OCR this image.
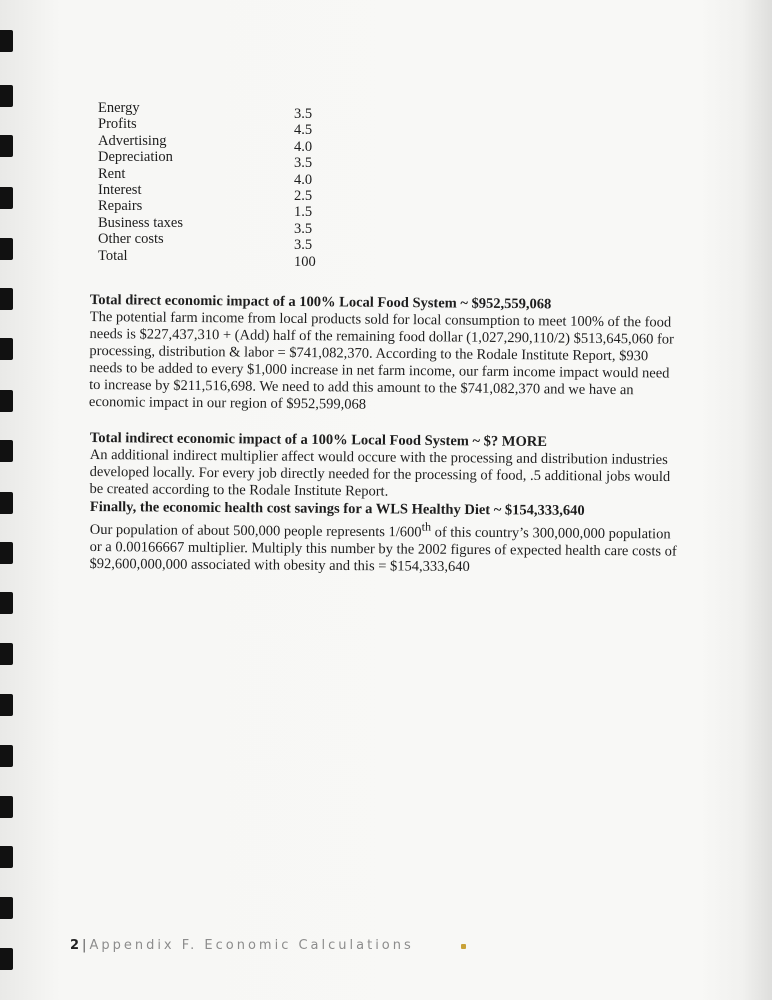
Energy	3.5
Profits	4.5
Advertising	4.0
Depreciation	3.5
Rent	4.0
Interest	2.5
Repairs	1.5
Business taxes	3.5
Other costs	3.5
Total	100
Total direct economic impact of a 100% Local Food System ~ $952,559,068

The potential farm income from local products sold for local consumption to meet 100% of the food needs is $227,437,310 + (Add) half of the remaining food dollar (1,027,290,110/2) $513,645,060 for processing, distribution & labor = $741,082,370. According to the Rodale Institute Report, $930 needs to be added to every $1,000 increase in net farm income, our farm income impact would need to increase by $211,516,698. We need to add this amount to the $741,082,370 and we have an economic impact in our region of $952,599,068

Total indirect economic impact of a 100% Local Food System ~ $? MORE

An additional indirect multiplier affect would occure with the processing and distribution industries developed locally. For every job directly needed for the processing of food, .5 additional jobs would be created according to the Rodale Institute Report.

Finally, the economic health cost savings for a WLS Healthy Diet ~ $154,333,640

Our population of about 500,000 people represents 1/600th of this country’s 300,000,000 population or a 0.00166667 multiplier. Multiply this number by the 2002 figures of expected health care costs of $92,600,000,000 associated with obesity and this = $154,333,640

2 | Appendix F. Economic Calculations
